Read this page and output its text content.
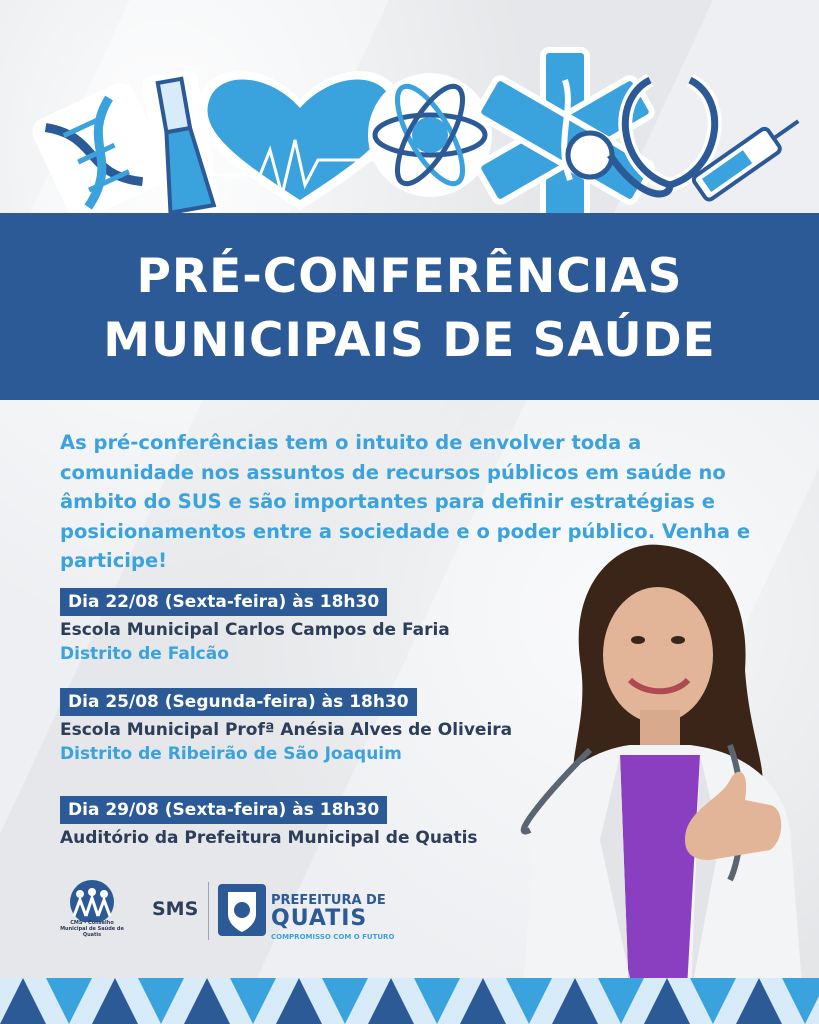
PRÉ-CONFERÊNCIAS
MUNICIPAIS DE SAÚDE
As pré-conferências tem o intuito de envolver toda a comunidade nos assuntos de recursos públicos em saúde no âmbito do SUS e são importantes para definir estratégias e posicionamentos entre a sociedade e o poder público. Venha e participe!
Dia 22/08 (Sexta-feira) às 18h30
Escola Municipal Carlos Campos de Faria
Distrito de Falcão
Dia 25/08 (Segunda-feira) às 18h30
Escola Municipal Profª Anésia Alves de Oliveira
Distrito de Ribeirão de São Joaquim
Dia 29/08 (Sexta-feira) às 18h30
Auditório da Prefeitura Municipal de Quatis
CMS - Conselho Municipal de Saúde de Quatis
SMS	PREFEITURA DE
QUATIS
COMPROMISSO COM O FUTURO
